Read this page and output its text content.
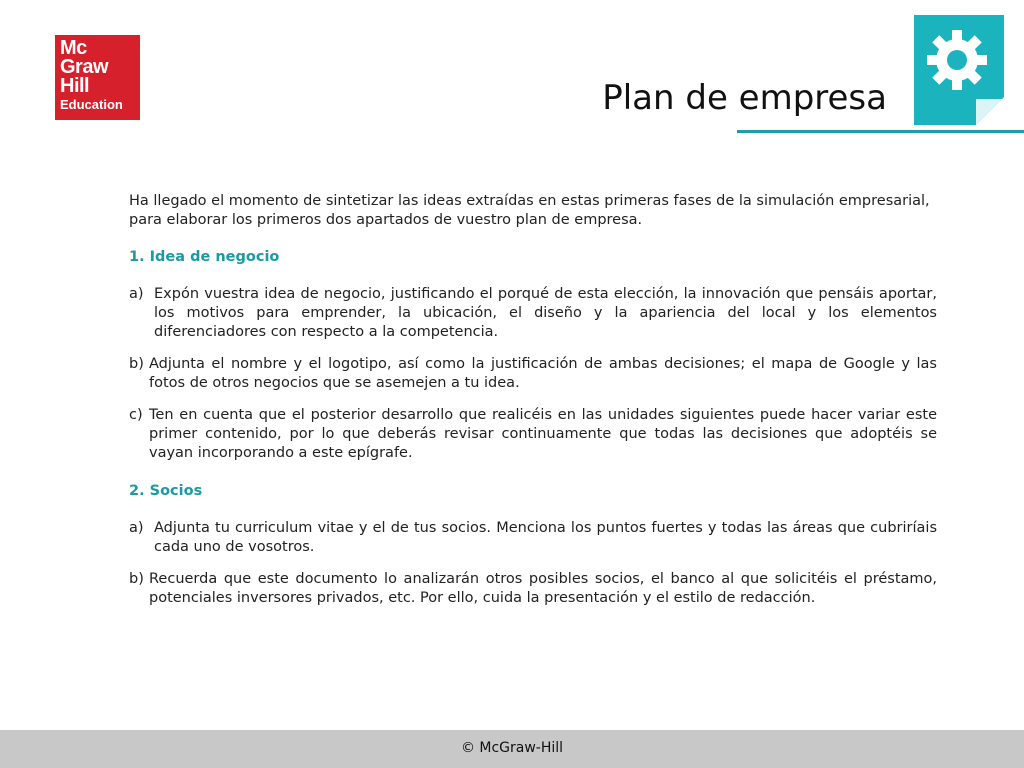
Mc
Graw
Hill
Education	Plan de empresa

Ha llegado el momento de sintetizar las ideas extraídas en estas primeras fases de la simulación empresarial, para elaborar los primeros dos apartados de vuestro plan de empresa.

1. Idea de negocio
a) Expón vuestra idea de negocio, justificando el porqué de esta elección, la innovación que pensáis aportar, los motivos para emprender, la ubicación, el diseño y la apariencia del local y los elementos diferenciadores con respecto a la competencia.
b) Adjunta el nombre y el logotipo, así como la justificación de ambas decisiones; el mapa de Google y las fotos de otros negocios que se asemejen a tu idea.
c) Ten en cuenta que el posterior desarrollo que realicéis en las unidades siguientes puede hacer variar este primer contenido, por lo que deberás revisar continuamente que todas las decisiones que adoptéis se vayan incorporando a este epígrafe.
2. Socios
a) Adjunta tu curriculum vitae y el de tus socios. Menciona los puntos fuertes y todas las áreas que cubriríais cada uno de vosotros.
b) Recuerda que este documento lo analizarán otros posibles socios, el banco al que solicitéis el préstamo, potenciales inversores privados, etc. Por ello, cuida la presentación y el estilo de redacción.
© McGraw-Hill
